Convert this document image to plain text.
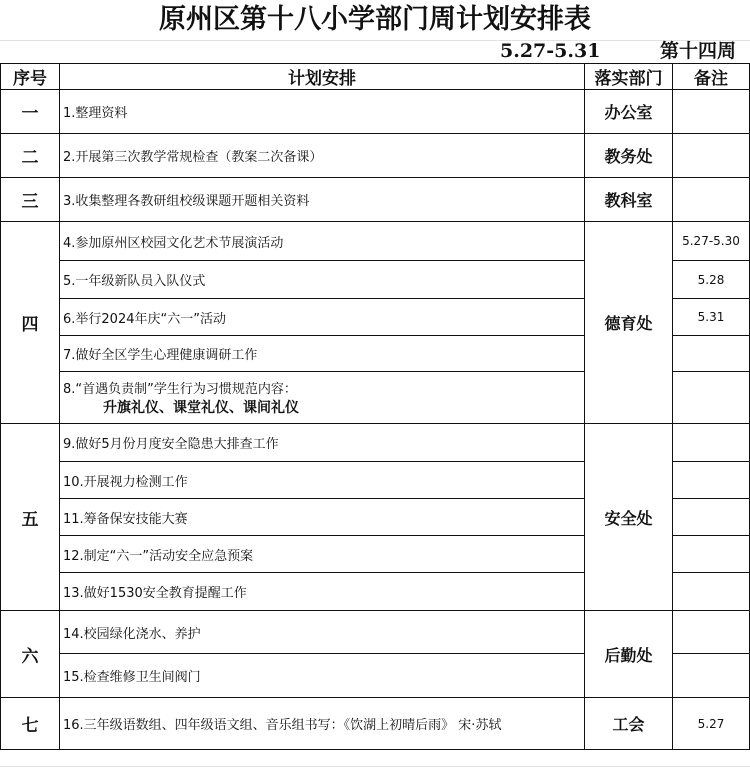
原州区第十八小学部门周计划安排表
5.27-5.31	第十四周
序号	计划安排	落实部门	备注
一	1.整理资料	办公室	
二	2.开展第三次教学常规检查（教案二次备课）	教务处	
三	3.收集整理各教研组校级课题开题相关资料	教科室	
四	4.参加原州区校园文化艺术节展演活动	德育处	5.27-5.30
	5.一年级新队员入队仪式		5.28
	6.举行2024年庆“六一”活动		5.31
	7.做好全区学生心理健康调研工作		
	8.“首遇负责制”学生行为习惯规范内容：
升旗礼仪、课堂礼仪、课间礼仪		

五	9.做好5月份月度安全隐患大排查工作	安全处	
	10.开展视力检测工作		
	11.筹备保安技能大赛		
	12.制定“六一”活动安全应急预案		
	13.做好1530安全教育提醒工作		
六	14.校园绿化浇水、养护	后勤处	
	15.检查维修卫生间阀门		
七	16.三年级语数组、四年级语文组、音乐组书写：《饮湖上初晴后雨》 宋·苏轼	工会	5.27
